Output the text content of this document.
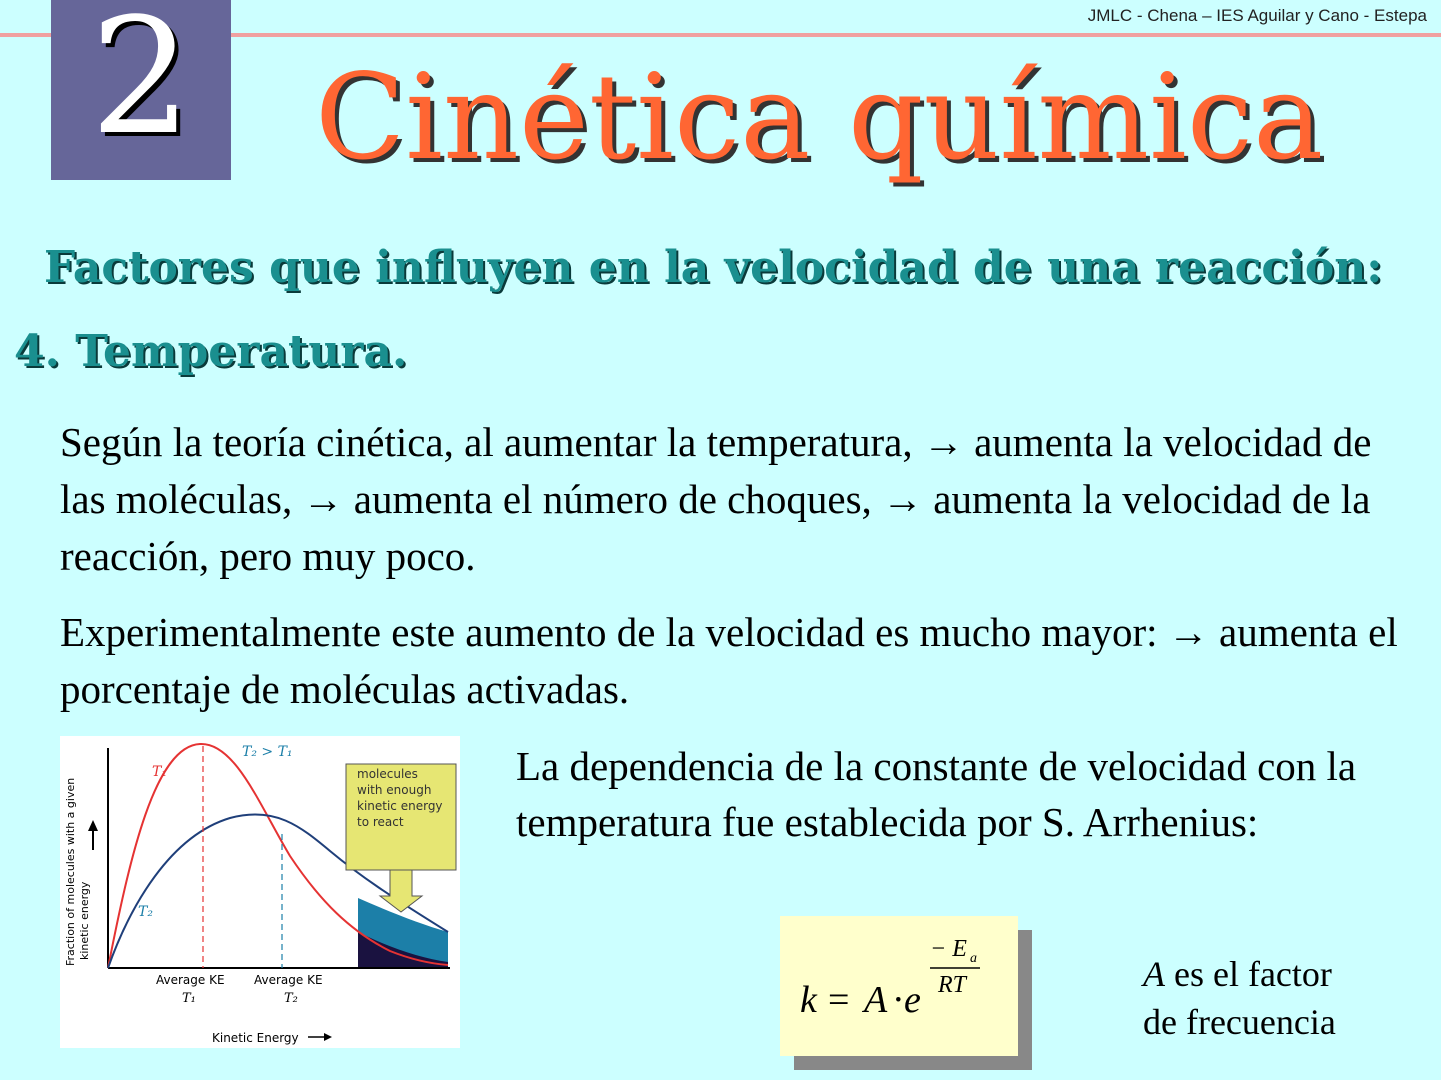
JMLC - Chena – IES Aguilar y Cano - Estepa
2	Cinética química
Factores que influyen en la velocidad de una reacción:
4. Temperatura.
Según la teoría cinética, al aumentar la temperatura, → aumenta la velocidad de las moléculas, → aumenta el número de choques, → aumenta la velocidad de la reacción, pero muy poco.
Experimentalmente este aumento de la velocidad es mucho mayor: → aumenta el porcentaje de moléculas activadas.
La dependencia de la constante de velocidad con la temperatura fue establecida por S. Arrhenius:
molecules with enough kinetic energy to react
T₂ > T₁
T₁
T₂
Fraction of molecules with a given kinetic energy
Average KE
T₁
Average KE
T₂
Kinetic Energy
k = A · e
− E a
RT	A es el factor
de frecuencia
